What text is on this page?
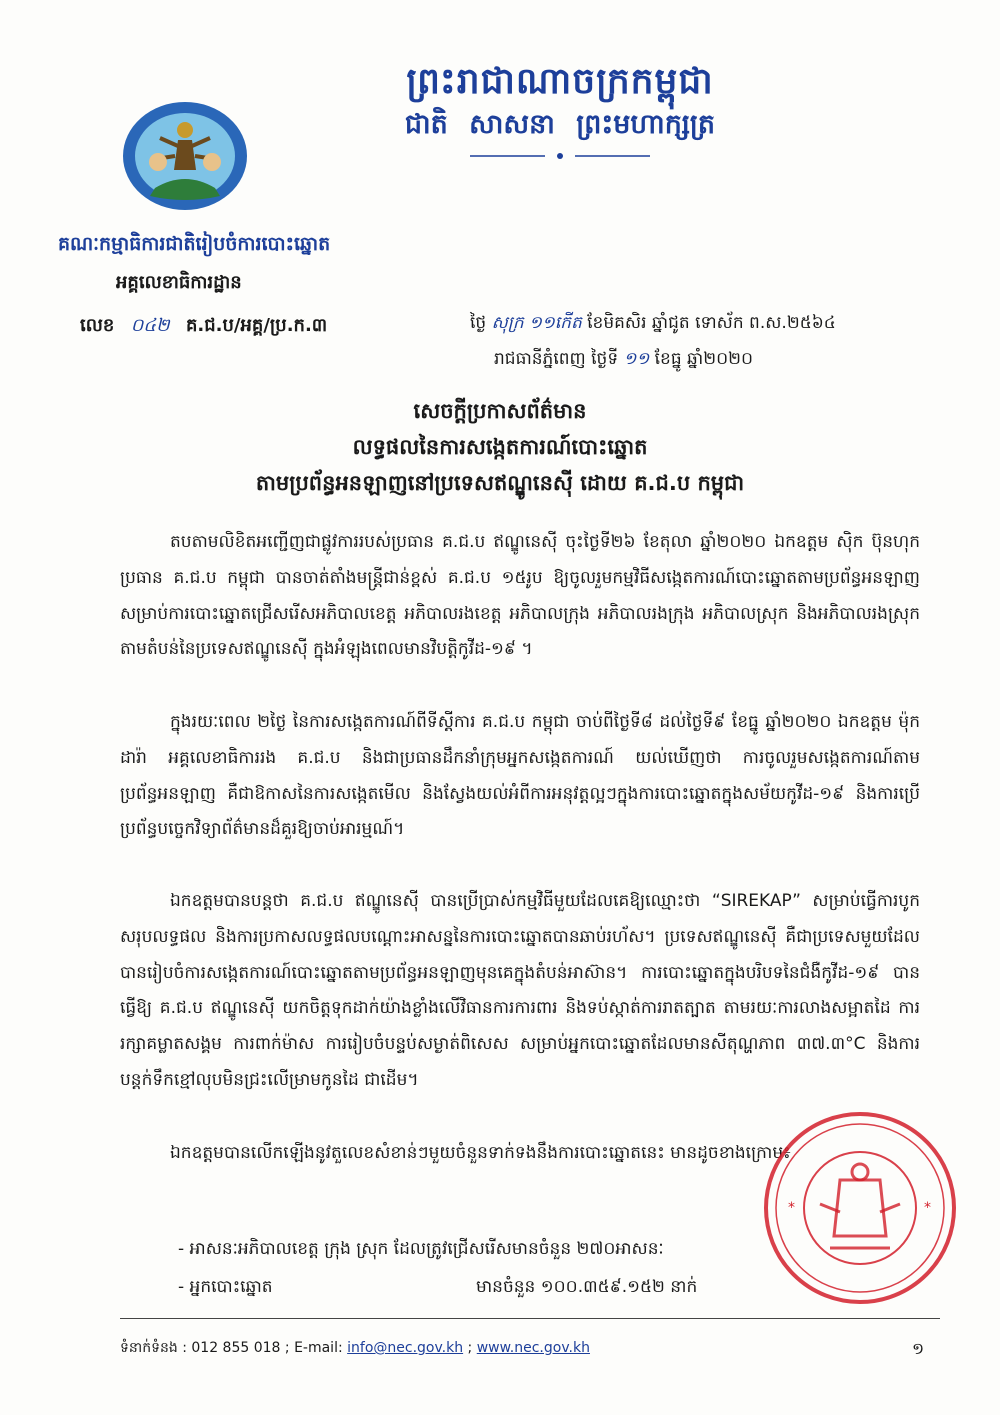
ព្រះរាជាណាចក្រកម្ពុជា
ជាតិ សាសនា ព្រះមហាក្សត្រ
គណៈកម្មាធិការជាតិរៀបចំការបោះឆ្នោត
អគ្គលេខាធិការដ្ឋាន
លេខ ០៤២ គ.ជ.ប/អគ្គ/ប្រ.ក.៣	ថ្ងៃ សុក្រ ១១កើត ខែមិគសិរ ឆ្នាំជូត ទោស័ក ព.ស.២៥៦៤
រាជធានីភ្នំពេញ ថ្ងៃទី ១១ ខែធ្នូ ឆ្នាំ២០២០
សេចក្តីប្រកាសព័ត៌មាន
លទ្ធផលនៃការសង្កេតការណ៍បោះឆ្នោត
តាមប្រព័ន្ធអនឡាញនៅប្រទេសឥណ្ឌូនេស៊ី ដោយ គ.ជ.ប កម្ពុជា
តបតាមលិខិតអញ្ជើញជាផ្លូវការរបស់ប្រធាន គ.ជ.ប ឥណ្ឌូនេស៊ី ចុះថ្ងៃទី២៦ ខែតុលា ឆ្នាំ២០២០ ឯកឧត្តម ស៊ិក ប៊ុនហុក ប្រធាន គ.ជ.ប កម្ពុជា បានចាត់តាំងមន្ត្រីជាន់ខ្ពស់ គ.ជ.ប ១៥រូប ឱ្យចូលរួមកម្មវិធីសង្កេតការណ៍បោះឆ្នោតតាមប្រព័ន្ធអនឡាញ សម្រាប់ការបោះឆ្នោតជ្រើសរើសអភិបាលខេត្ត អភិបាលរងខេត្ត អភិបាលក្រុង អភិបាលរងក្រុង អភិបាលស្រុក និងអភិបាលរងស្រុក តាមតំបន់នៃប្រទេសឥណ្ឌូនេស៊ី ក្នុងអំឡុងពេលមានវិបត្តិកូវីដ-១៩ ។
ក្នុងរយៈពេល ២ថ្ងៃ នៃការសង្កេតការណ៍ពីទីស្តីការ គ.ជ.ប កម្ពុជា ចាប់ពីថ្ងៃទី៨ ដល់ថ្ងៃទី៩ ខែធ្នូ ឆ្នាំ២០២០ ឯកឧត្តម ម៉ុក ដារ៉ា អគ្គលេខាធិការរង គ.ជ.ប និងជាប្រធានដឹកនាំក្រុមអ្នកសង្កេតការណ៍ យល់ឃើញថា ការចូលរួមសង្កេតការណ៍តាមប្រព័ន្ធអនឡាញ គឺជាឱកាសនៃការសង្កេតមើល និងស្វែងយល់អំពីការអនុវត្តល្អៗក្នុងការបោះឆ្នោតក្នុងសម័យកូវីដ-១៩ និងការប្រើប្រព័ន្ធបច្ចេកវិទ្យាព័ត៌មានដ៏គួរឱ្យចាប់អារម្មណ៍។
ឯកឧត្តមបានបន្តថា គ.ជ.ប ឥណ្ឌូនេស៊ី បានប្រើប្រាស់កម្មវិធីមួយដែលគេឱ្យឈ្មោះថា “SIREKAP” សម្រាប់ធ្វើការបូកសរុបលទ្ធផល និងការប្រកាសលទ្ធផលបណ្តោះអាសន្ននៃការបោះឆ្នោតបានឆាប់រហ័ស។ ប្រទេសឥណ្ឌូនេស៊ី គឺជាប្រទេសមួយដែលបានរៀបចំការសង្កេតការណ៍បោះឆ្នោតតាមប្រព័ន្ធអនឡាញមុនគេក្នុងតំបន់អាស៊ាន។ ការបោះឆ្នោតក្នុងបរិបទនៃជំងឺកូវីដ-១៩ បានធ្វើឱ្យ គ.ជ.ប ឥណ្ឌូនេស៊ី យកចិត្តទុកដាក់យ៉ាងខ្លាំងលើវិធានការការពារ និងទប់ស្កាត់ការរាតត្បាត តាមរយៈការលាងសម្អាតដៃ ការរក្សាគម្លាតសង្គម ការពាក់ម៉ាស ការរៀបចំបន្ទប់សម្ងាត់ពិសេស សម្រាប់អ្នកបោះឆ្នោតដែលមានសីតុណ្ហភាព ៣៧.៣°C និងការបន្តក់ទឹកខ្មៅលុបមិនជ្រះលើម្រាមកូនដៃ ជាដើម។
ឯកឧត្តមបានលើកឡើងនូវតួលេខសំខាន់ៗមួយចំនួនទាក់ទងនឹងការបោះឆ្នោតនេះ មានដូចខាងក្រោម៖
- អាសនៈអភិបាលខេត្ត ក្រុង ស្រុក ដែលត្រូវជ្រើសរើសមានចំនួន ២៧០អាសនៈ
- អ្នកបោះឆ្នោត	មានចំនួន ១០០.៣៥៩.១៥២ នាក់
*	*
ទំនាក់ទំនង : 012 855 018 ; E-mail: info@nec.gov.kh ; www.nec.gov.kh	១
